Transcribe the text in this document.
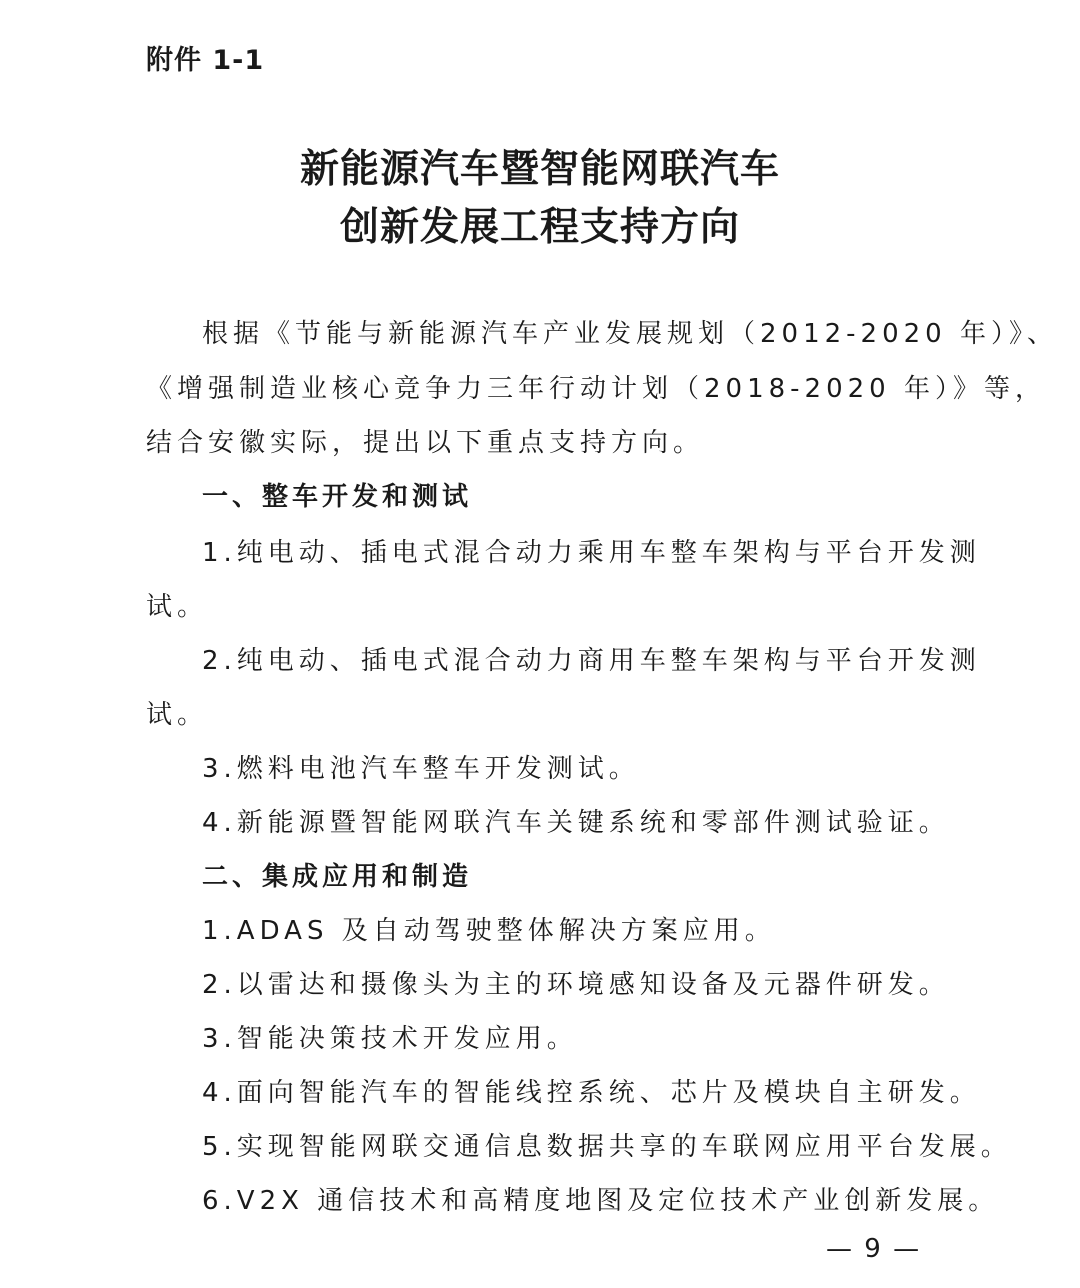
附件 1-1
新能源汽车暨智能网联汽车
创新发展工程支持方向
根据《节能与新能源汽车产业发展规划（2012-2020 年）》、
《增强制造业核心竞争力三年行动计划（2018-2020 年）》等，
结合安徽实际，提出以下重点支持方向。
一、整车开发和测试
1.纯电动、插电式混合动力乘用车整车架构与平台开发测
试。
2.纯电动、插电式混合动力商用车整车架构与平台开发测
试。
3.燃料电池汽车整车开发测试。
4.新能源暨智能网联汽车关键系统和零部件测试验证。
二、集成应用和制造
1.ADAS 及自动驾驶整体解决方案应用。
2.以雷达和摄像头为主的环境感知设备及元器件研发。
3.智能决策技术开发应用。
4.面向智能汽车的智能线控系统、芯片及模块自主研发。
5.实现智能网联交通信息数据共享的车联网应用平台发展。
6.V2X 通信技术和高精度地图及定位技术产业创新发展。
— 9 —
